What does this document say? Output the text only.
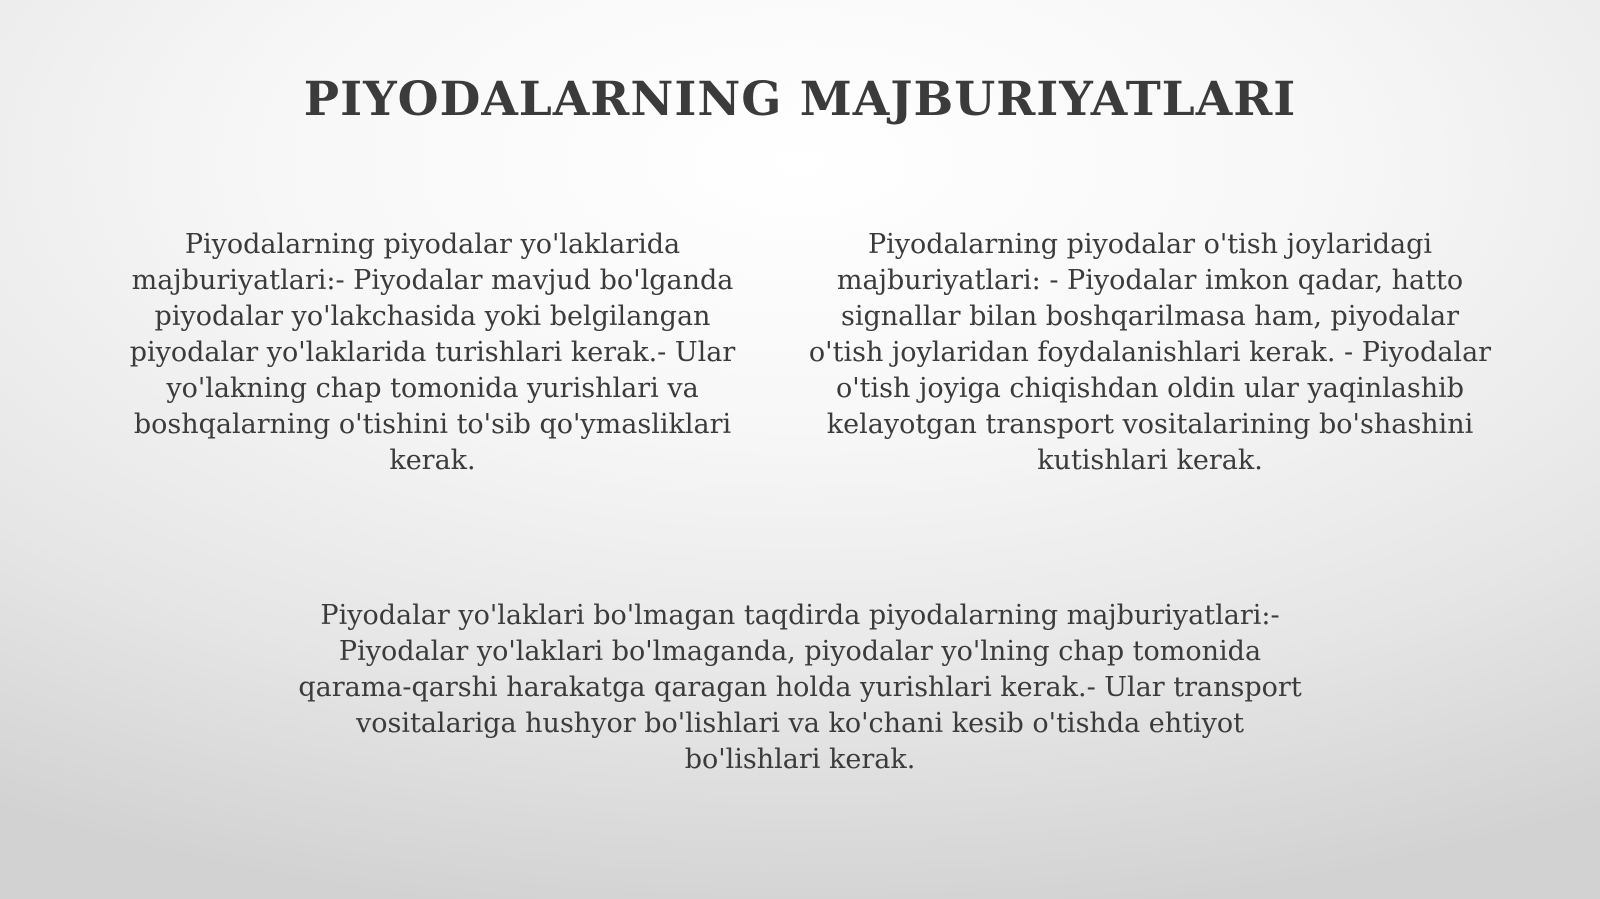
PIYODALARNING MAJBURIYATLARI

Piyodalarning piyodalar yo'laklarida majburiyatlari:- Piyodalar mavjud bo'lganda piyodalar yo'lakchasida yoki belgilangan piyodalar yo'laklarida turishlari kerak.- Ular yo'lakning chap tomonida yurishlari va boshqalarning o'tishini to'sib qo'ymasliklari kerak.

Piyodalarning piyodalar o'tish joylaridagi majburiyatlari: - Piyodalar imkon qadar, hatto signallar bilan boshqarilmasa ham, piyodalar o'tish joylaridan foydalanishlari kerak. - Piyodalar o'tish joyiga chiqishdan oldin ular yaqinlashib kelayotgan transport vositalarining bo'shashini kutishlari kerak.

Piyodalar yo'laklari bo'lmagan taqdirda piyodalarning majburiyatlari:- Piyodalar yo'laklari bo'lmaganda, piyodalar yo'lning chap tomonida qarama-qarshi harakatga qaragan holda yurishlari kerak.- Ular transport vositalariga hushyor bo'lishlari va ko'chani kesib o'tishda ehtiyot bo'lishlari kerak.
